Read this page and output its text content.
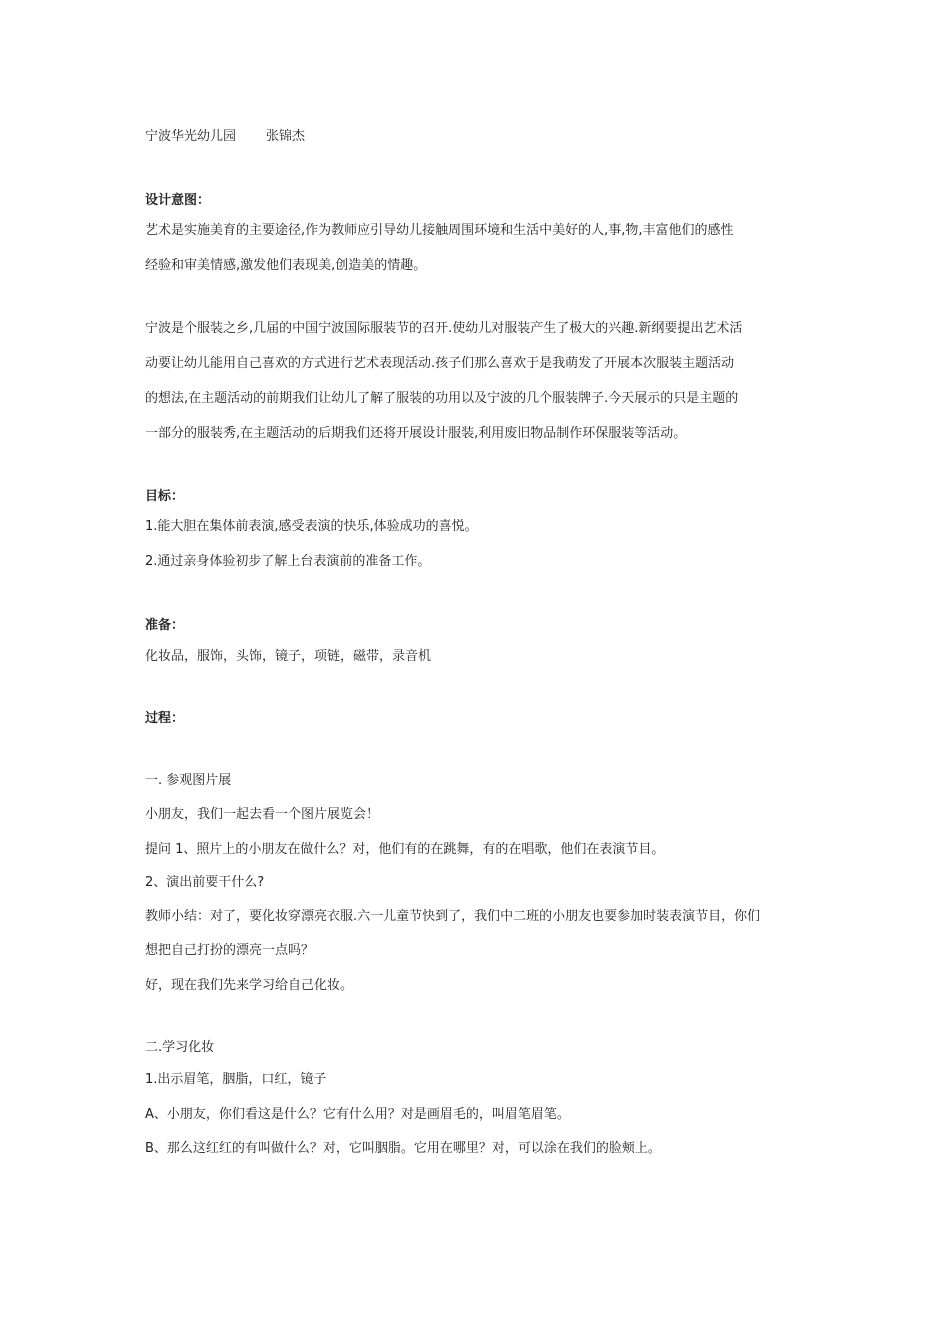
宁波华光幼儿园 张锦杰
设计意图：
艺术是实施美育的主要途径,作为教师应引导幼儿接触周围环境和生活中美好的人,事,物,丰富他们的感性
经验和审美情感,激发他们表现美,创造美的情趣。
宁波是个服装之乡,几届的中国宁波国际服装节的召开.使幼儿对服装产生了极大的兴趣.新纲要提出艺术活
动要让幼儿能用自己喜欢的方式进行艺术表现活动.孩子们那么喜欢于是我萌发了开展本次服装主题活动
的想法,在主题活动的前期我们让幼儿了解了服装的功用以及宁波的几个服装牌子.今天展示的只是主题的
一部分的服装秀,在主题活动的后期我们还将开展设计服装,利用废旧物品制作环保服装等活动。
目标：
1.能大胆在集体前表演,感受表演的快乐,体验成功的喜悦。
2.通过亲身体验初步了解上台表演前的准备工作。
准备：
化妆品，服饰，头饰，镜子，项链，磁带，录音机
过程：
一. 参观图片展
小朋友，我们一起去看一个图片展览会！
提问 1、照片上的小朋友在做什么？对，他们有的在跳舞，有的在唱歌，他们在表演节目。
2、演出前要干什么?
教师小结：对了，要化妆穿漂亮衣服.六一儿童节快到了，我们中二班的小朋友也要参加时装表演节目，你们
想把自己打扮的漂亮一点吗？
好，现在我们先来学习给自己化妆。
二.学习化妆
1.出示眉笔，胭脂，口红，镜子
A、小朋友，你们看这是什么？它有什么用？对是画眉毛的，叫眉笔眉笔。
B、那么这红红的有叫做什么？对，它叫胭脂。它用在哪里？对，可以涂在我们的脸颊上。
